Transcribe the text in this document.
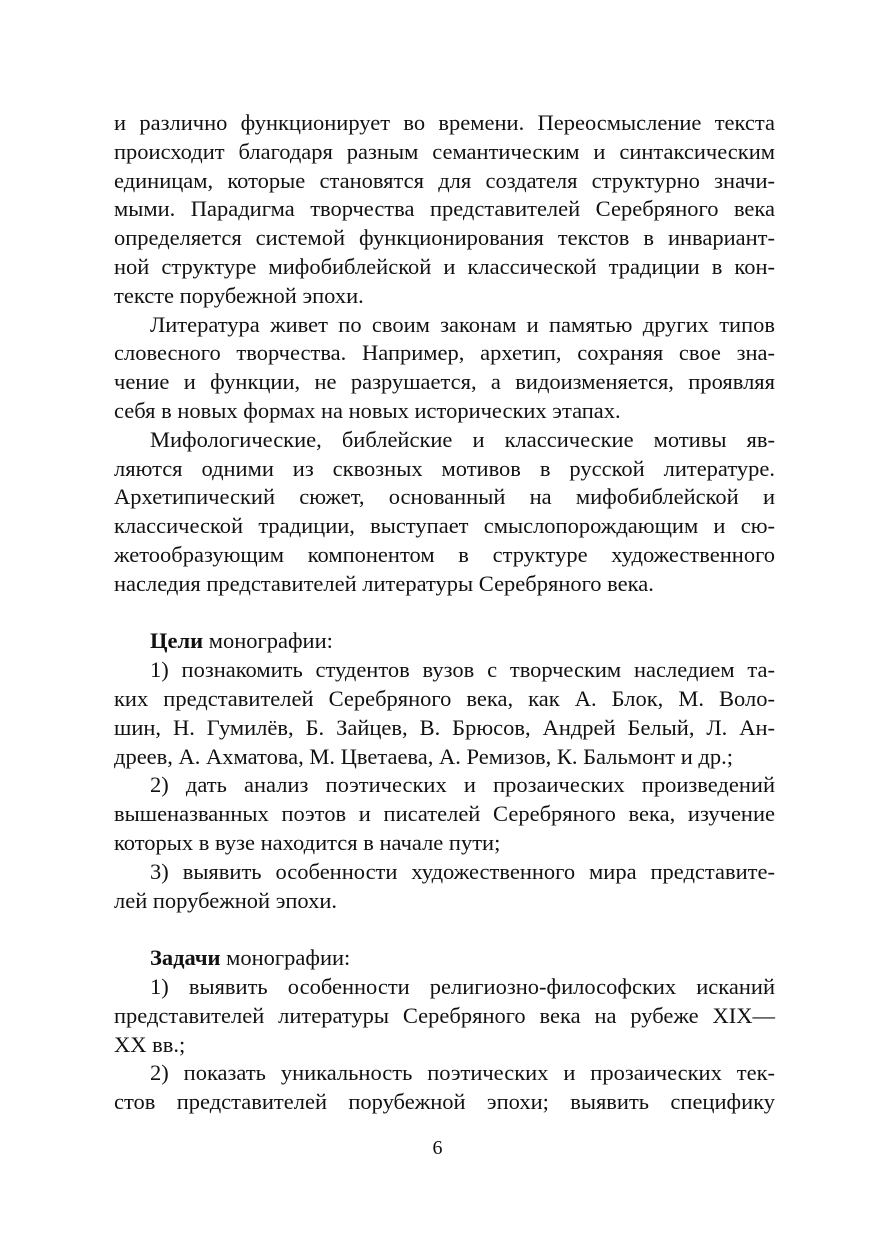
и различно функционирует во времени. Переосмысление текста
происходит благодаря разным семантическим и синтаксическим
единицам, которые становятся для создателя структурно значи-
мыми. Парадигма творчества представителей Серебряного века
определяется системой функционирования текстов в инвариант-
ной структуре мифобиблейской и классической традиции в кон-
тексте порубежной эпохи.
Литература живет по своим законам и памятью других типов
словесного творчества. Например, архетип, сохраняя свое зна-
чение и функции, не разрушается, а видоизменяется, проявляя
себя в новых формах на новых исторических этапах.
Мифологические, библейские и классические мотивы яв-
ляются одними из сквозных мотивов в русской литературе.
Архетипический сюжет, основанный на мифобиблейской и
классической традиции, выступает смыслопорождающим и сю-
жетообразующим компонентом в структуре художественного
наследия представителей литературы Серебряного века.
Цели монографии:
1) познакомить студентов вузов с творческим наследием та-
ких представителей Серебряного века, как А. Блок, М. Воло-
шин, Н. Гумилёв, Б. Зайцев, В. Брюсов, Андрей Белый, Л. Ан-
дреев, А. Ахматова, М. Цветаева, А. Ремизов, К. Бальмонт и др.;
2) дать анализ поэтических и прозаических произведений
вышеназванных поэтов и писателей Серебряного века, изучение
которых в вузе находится в начале пути;
3) выявить особенности художественного мира представите-
лей порубежной эпохи.
Задачи монографии:
1) выявить особенности религиозно-философских исканий
представителей литературы Серебряного века на рубеже XIX—
XX вв.;
2) показать уникальность поэтических и прозаических тек-
стов представителей порубежной эпохи; выявить специфику
6
